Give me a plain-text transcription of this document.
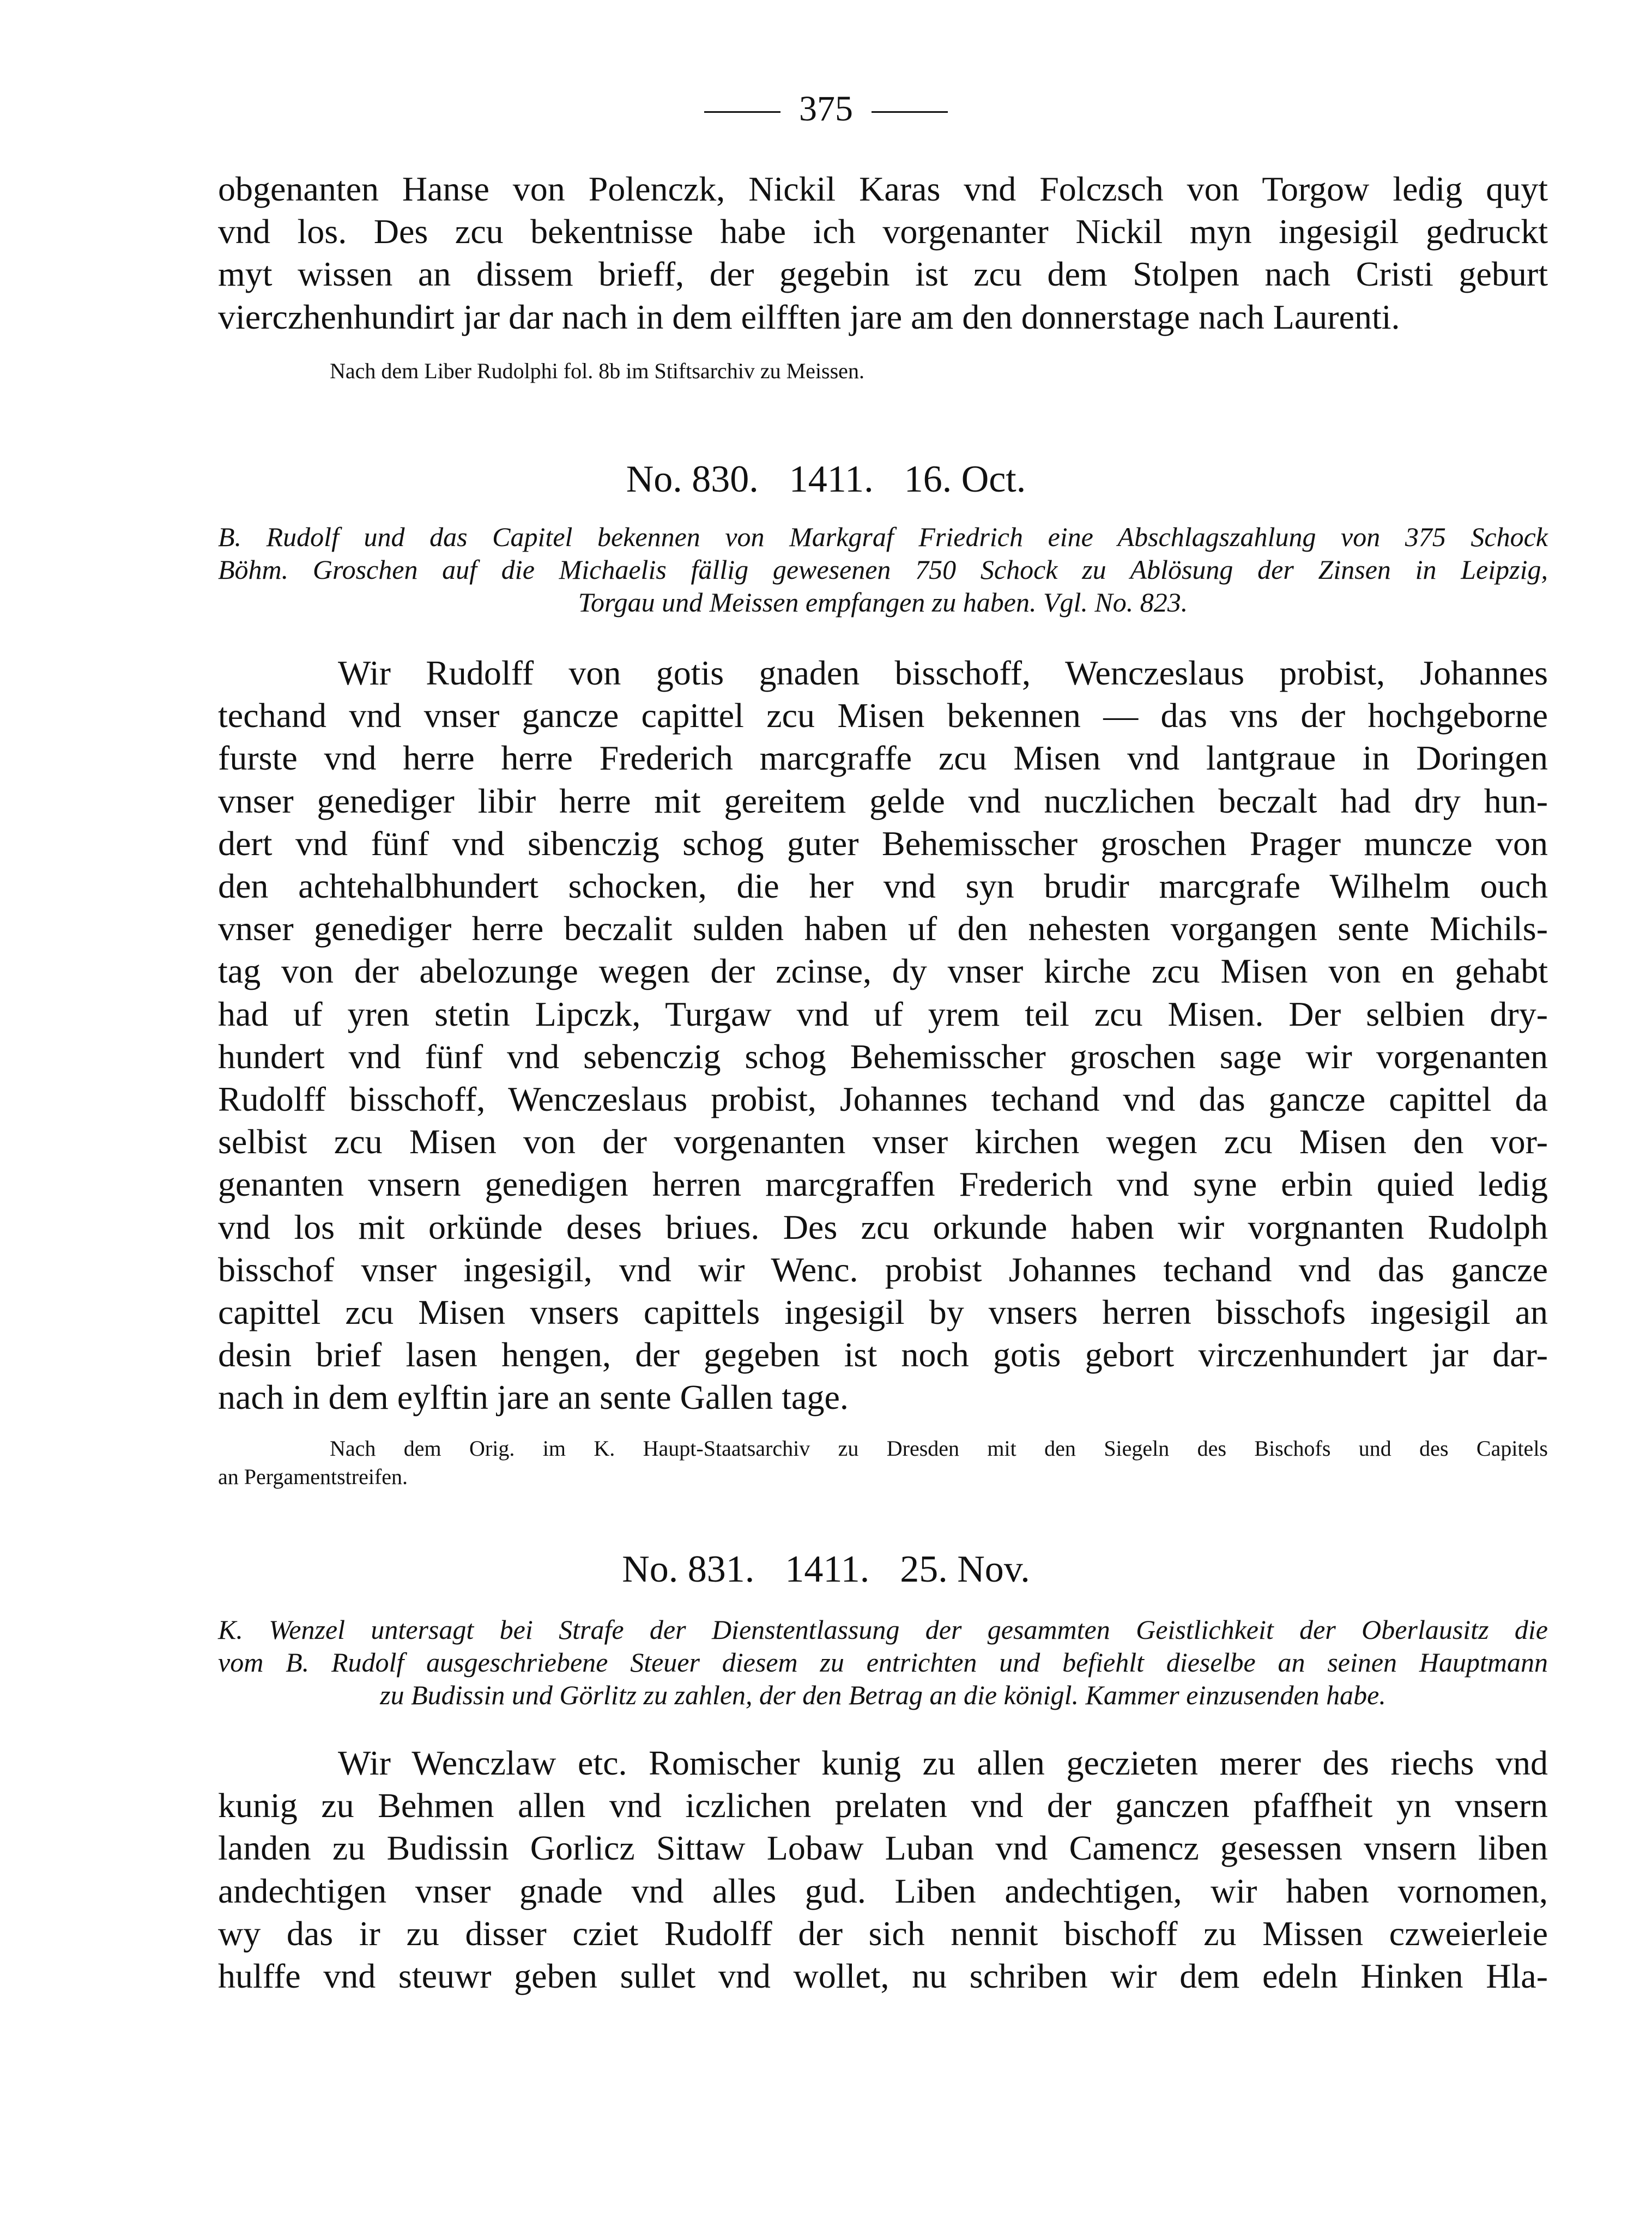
375
obgenanten Hanse von Polenczk, Nickil Karas vnd Folczsch von Torgow ledig quyt
vnd los. Des zcu bekentnisse habe ich vorgenanter Nickil myn ingesigil gedruckt
myt wissen an dissem brieff, der gegebin ist zcu dem Stolpen nach Cristi geburt
vierczhenhundirt jar dar nach in dem eilfften jare am den donnerstage nach Laurenti.
Nach dem Liber Rudolphi fol. 8b im Stiftsarchiv zu Meissen.
No. 830. 1411. 16. Oct.
B. Rudolf und das Capitel bekennen von Markgraf Friedrich eine Abschlagszahlung von 375 Schock
Böhm. Groschen auf die Michaelis fällig gewesenen 750 Schock zu Ablösung der Zinsen in Leipzig,
Torgau und Meissen empfangen zu haben. Vgl. No. 823.
Wir Rudolff von gotis gnaden bisschoff, Wenczeslaus probist, Johannes
techand vnd vnser gancze capittel zcu Misen bekennen — das vns der hochgeborne
furste vnd herre herre Frederich marcgraffe zcu Misen vnd lantgraue in Doringen
vnser genediger libir herre mit gereitem gelde vnd nuczlichen beczalt had dry hun-
dert vnd fünf vnd sibenczig schog guter Behemisscher groschen Prager muncze von
den achtehalbhundert schocken, die her vnd syn brudir marcgrafe Wilhelm ouch
vnser genediger herre beczalit sulden haben uf den nehesten vorgangen sente Michils-
tag von der abelozunge wegen der zcinse, dy vnser kirche zcu Misen von en gehabt
had uf yren stetin Lipczk, Turgaw vnd uf yrem teil zcu Misen. Der selbien dry-
hundert vnd fünf vnd sebenczig schog Behemisscher groschen sage wir vorgenanten
Rudolff bisschoff, Wenczeslaus probist, Johannes techand vnd das gancze capittel da
selbist zcu Misen von der vorgenanten vnser kirchen wegen zcu Misen den vor-
genanten vnsern genedigen herren marcgraffen Frederich vnd syne erbin quied ledig
vnd los mit orkünde deses briues. Des zcu orkunde haben wir vorgnanten Rudolph
bisschof vnser ingesigil, vnd wir Wenc. probist Johannes techand vnd das gancze
capittel zcu Misen vnsers capittels ingesigil by vnsers herren bisschofs ingesigil an
desin brief lasen hengen, der gegeben ist noch gotis gebort virczenhundert jar dar-
nach in dem eylftin jare an sente Gallen tage.
Nach dem Orig. im K. Haupt-Staatsarchiv zu Dresden mit den Siegeln des Bischofs und des Capitels
an Pergamentstreifen.
No. 831. 1411. 25. Nov.
K. Wenzel untersagt bei Strafe der Dienstentlassung der gesammten Geistlichkeit der Oberlausitz die
vom B. Rudolf ausgeschriebene Steuer diesem zu entrichten und befiehlt dieselbe an seinen Hauptmann
zu Budissin und Görlitz zu zahlen, der den Betrag an die königl. Kammer einzusenden habe.
Wir Wenczlaw etc. Romischer kunig zu allen geczieten merer des riechs vnd
kunig zu Behmen allen vnd iczlichen prelaten vnd der ganczen pfaffheit yn vnsern
landen zu Budissin Gorlicz Sittaw Lobaw Luban vnd Camencz gesessen vnsern liben
andechtigen vnser gnade vnd alles gud. Liben andechtigen, wir haben vornomen,
wy das ir zu disser cziet Rudolff der sich nennit bischoff zu Missen czweierleie
hulffe vnd steuwr geben sullet vnd wollet, nu schriben wir dem edeln Hinken Hla-
